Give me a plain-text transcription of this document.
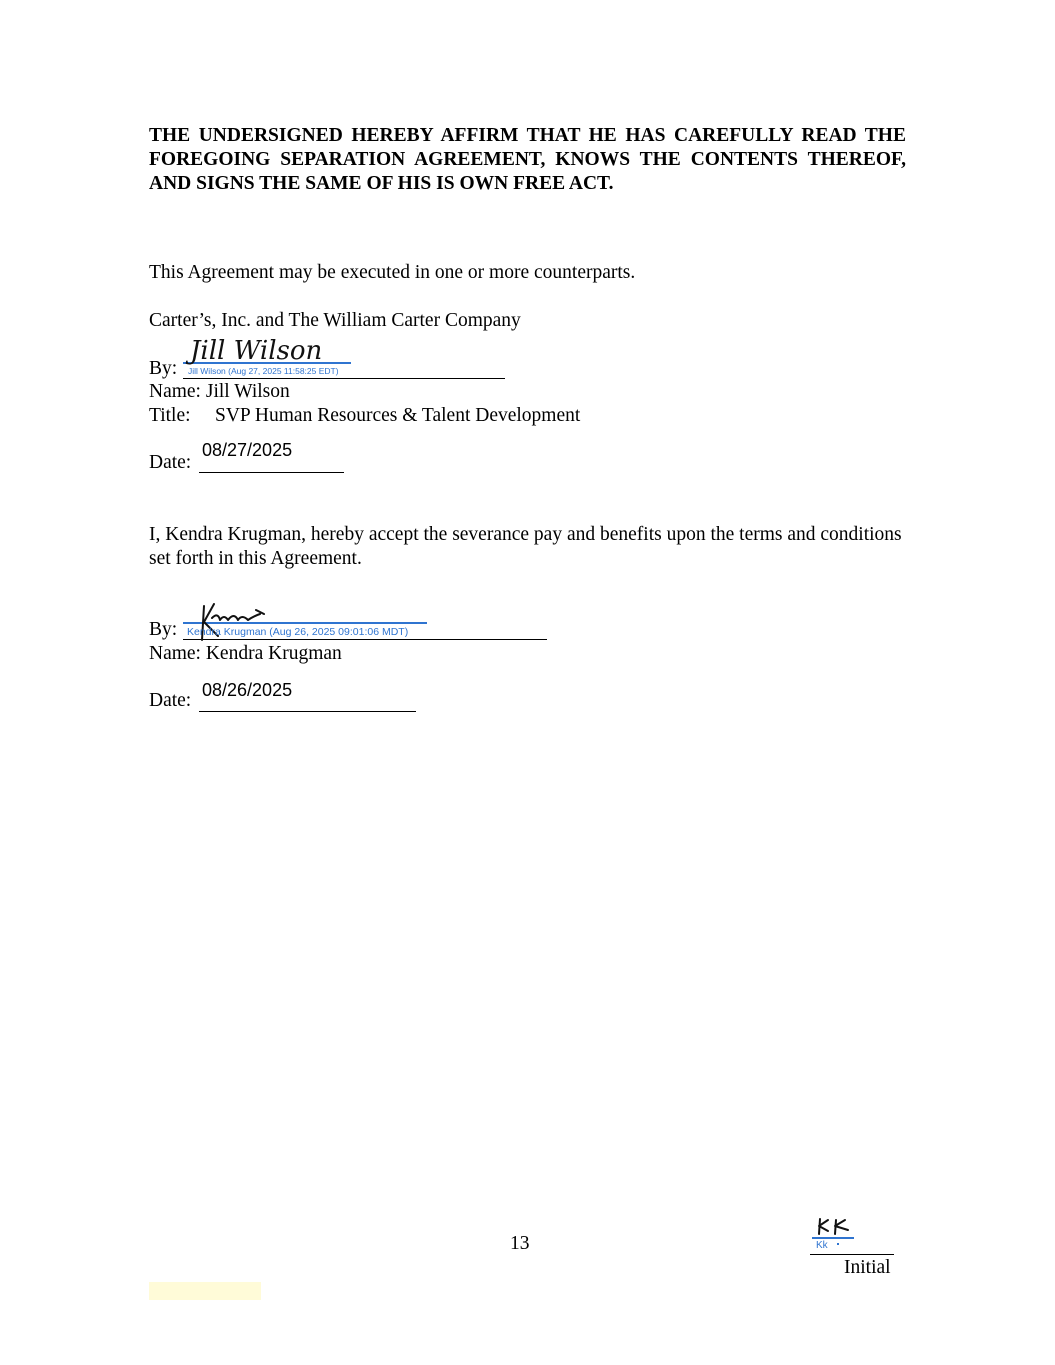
THE UNDERSIGNED HEREBY AFFIRM THAT HE HAS CAREFULLY READ THE FOREGOING SEPARATION AGREEMENT, KNOWS THE CONTENTS THEREOF, AND SIGNS THE SAME OF HIS IS OWN FREE ACT.
This Agreement may be executed in one or more counterparts.
Carter’s, Inc. and The William Carter Company
By:
Jill Wilson
Jill Wilson (Aug 27, 2025 11:58:25 EDT)
Name: Jill Wilson
Title: SVP Human Resources & Talent Development
Date:
08/27/2025
I, Kendra Krugman, hereby accept the severance pay and benefits upon the terms and conditions set forth in this Agreement.
By: Kendra Krugman (Aug 26, 2025 09:01:06 MDT)
Name: Kendra Krugman
Date: 08/26/2025
13	Kk
Initial
